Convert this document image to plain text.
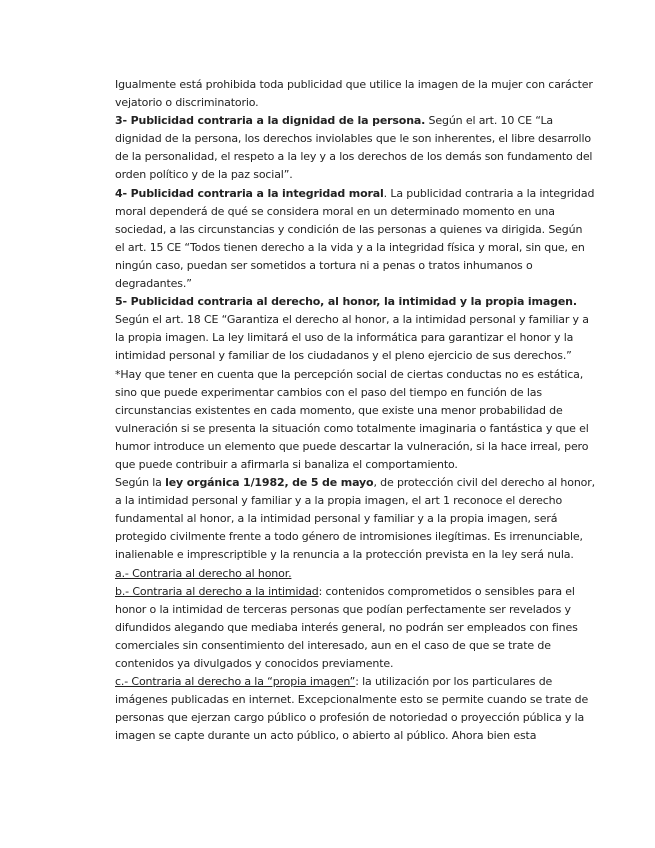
Igualmente está prohibida toda publicidad que utilice la imagen de la mujer con carácter vejatorio o discriminatorio.

3- Publicidad contraria a la dignidad de la persona. Según el art. 10 CE “La dignidad de la persona, los derechos inviolables que le son inherentes, el libre desarrollo de la personalidad, el respeto a la ley y a los derechos de los demás son fundamento del orden político y de la paz social”.

4- Publicidad contraria a la integridad moral. La publicidad contraria a la integridad moral dependerá de qué se considera moral en un determinado momento en una sociedad, a las circunstancias y condición de las personas a quienes va dirigida. Según el art. 15 CE “Todos tienen derecho a la vida y a la integridad física y moral, sin que, en ningún caso, puedan ser sometidos a tortura ni a penas o tratos inhumanos o degradantes.”

5- Publicidad contraria al derecho, al honor, la intimidad y la propia imagen. Según el art. 18 CE “Garantiza el derecho al honor, a la intimidad personal y familiar y a la propia imagen. La ley limitará el uso de la informática para garantizar el honor y la intimidad personal y familiar de los ciudadanos y el pleno ejercicio de sus derechos.”

*Hay que tener en cuenta que la percepción social de ciertas conductas no es estática, sino que puede experimentar cambios con el paso del tiempo en función de las circunstancias existentes en cada momento, que existe una menor probabilidad de vulneración si se presenta la situación como totalmente imaginaria o fantástica y que el humor introduce un elemento que puede descartar la vulneración, si la hace irreal, pero que puede contribuir a afirmarla si banaliza el comportamiento.

Según la ley orgánica 1/1982, de 5 de mayo, de protección civil del derecho al honor, a la intimidad personal y familiar y a la propia imagen, el art 1 reconoce el derecho fundamental al honor, a la intimidad personal y familiar y a la propia imagen, será protegido civilmente frente a todo género de intromisiones ilegítimas. Es irrenunciable, inalienable e imprescriptible y la renuncia a la protección prevista en la ley será nula.

a.- Contraria al derecho al honor.

b.- Contraria al derecho a la intimidad: contenidos comprometidos o sensibles para el honor o la intimidad de terceras personas que podían perfectamente ser revelados y difundidos alegando que mediaba interés general, no podrán ser empleados con fines comerciales sin consentimiento del interesado, aun en el caso de que se trate de contenidos ya divulgados y conocidos previamente.

c.- Contraria al derecho a la “propia imagen”: la utilización por los particulares de imágenes publicadas en internet. Excepcionalmente esto se permite cuando se trate de personas que ejerzan cargo público o profesión de notoriedad o proyección pública y la imagen se capte durante un acto público, o abierto al público. Ahora bien esta
